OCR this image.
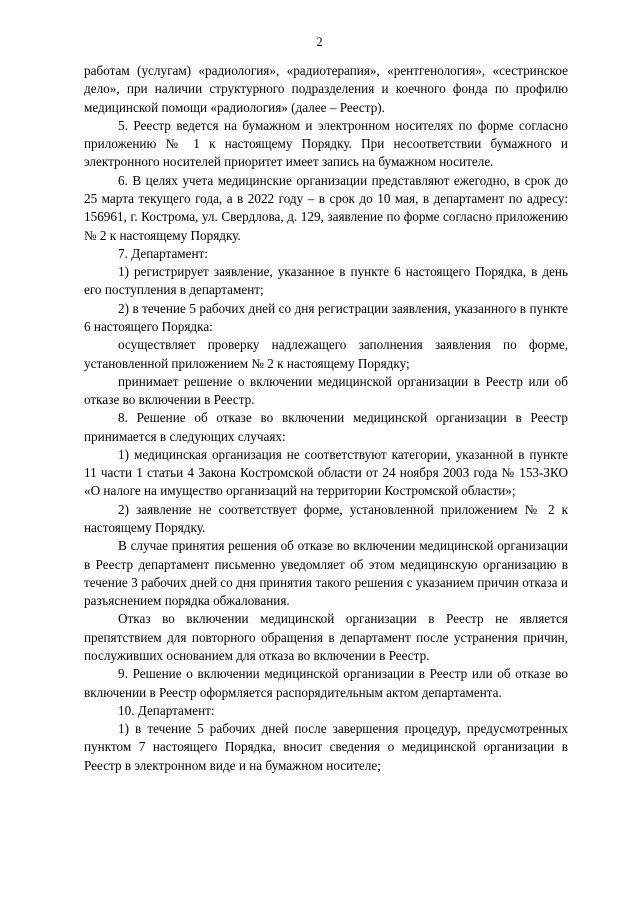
2

работам (услугам) «радиология», «радиотерапия», «рентгенология», «сестринское дело», при наличии структурного подразделения и коечного фонда по профилю медицинской помощи «радиология» (далее – Реестр).

5. Реестр ведется на бумажном и электронном носителях по форме согласно приложению № 1 к настоящему Порядку. При несоответствии бумажного и электронного носителей приоритет имеет запись на бумажном носителе.

6. В целях учета медицинские организации представляют ежегодно, в срок до 25 марта текущего года, а в 2022 году – в срок до 10 мая, в департамент по адресу: 156961, г. Кострома, ул. Свердлова, д. 129, заявление по форме согласно приложению № 2 к настоящему Порядку.

7. Департамент:

1) регистрирует заявление, указанное в пункте 6 настоящего Порядка, в день его поступления в департамент;

2) в течение 5 рабочих дней со дня регистрации заявления, указанного в пункте 6 настоящего Порядка:

осуществляет проверку надлежащего заполнения заявления по форме, установленной приложением № 2 к настоящему Порядку;

принимает решение о включении медицинской организации в Реестр или об отказе во включении в Реестр.

8. Решение об отказе во включении медицинской организации в Реестр принимается в следующих случаях:

1) медицинская организация не соответствуют категории, указанной в пункте 11 части 1 статьи 4 Закона Костромской области от 24 ноября 2003 года № 153-ЗКО «О налоге на имущество организаций на территории Костромской области»;

2) заявление не соответствует форме, установленной приложением № 2 к настоящему Порядку.

В случае принятия решения об отказе во включении медицинской организации в Реестр департамент письменно уведомляет об этом медицинскую организацию в течение 3 рабочих дней со дня принятия такого решения с указанием причин отказа и разъяснением порядка обжалования.

Отказ во включении медицинской организации в Реестр не является препятствием для повторного обращения в департамент после устранения причин, послуживших основанием для отказа во включении в Реестр.

9. Решение о включении медицинской организации в Реестр или об отказе во включении в Реестр оформляется распорядительным актом департамента.

10. Департамент:

1) в течение 5 рабочих дней после завершения процедур, предусмотренных пунктом 7 настоящего Порядка, вносит сведения о медицинской организации в Реестр в электронном виде и на бумажном носителе;
